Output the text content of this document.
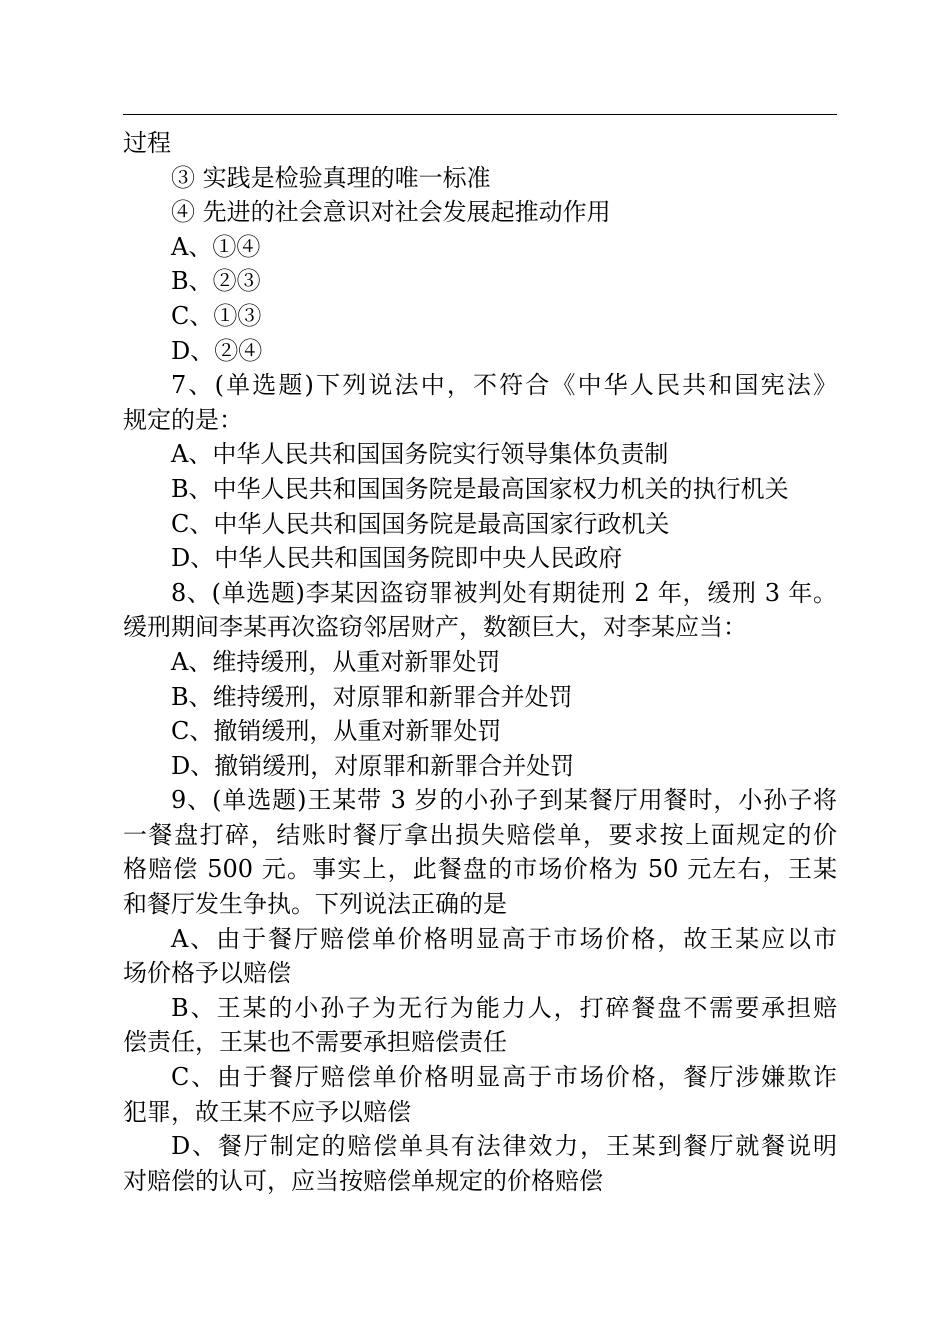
过程
③ 实践是检验真理的唯一标准
④ 先进的社会意识对社会发展起推动作用
A、①④
B、②③
C、①③
D、②④
7、(单选题)下列说法中，不符合《中华人民共和国宪法》
规定的是：
A、中华人民共和国国务院实行领导集体负责制
B、中华人民共和国国务院是最高国家权力机关的执行机关
C、中华人民共和国国务院是最高国家行政机关
D、中华人民共和国国务院即中央人民政府
8、(单选题)李某因盗窃罪被判处有期徒刑 2 年，缓刑 3 年。
缓刑期间李某再次盗窃邻居财产，数额巨大，对李某应当：
A、维持缓刑，从重对新罪处罚
B、维持缓刑，对原罪和新罪合并处罚
C、撤销缓刑，从重对新罪处罚
D、撤销缓刑，对原罪和新罪合并处罚
9、(单选题)王某带 3 岁的小孙子到某餐厅用餐时，小孙子将
一餐盘打碎，结账时餐厅拿出损失赔偿单，要求按上面规定的价
格赔偿 500 元。事实上，此餐盘的市场价格为 50 元左右，王某
和餐厅发生争执。下列说法正确的是
A、由于餐厅赔偿单价格明显高于市场价格，故王某应以市
场价格予以赔偿
B、王某的小孙子为无行为能力人，打碎餐盘不需要承担赔
偿责任，王某也不需要承担赔偿责任
C、由于餐厅赔偿单价格明显高于市场价格，餐厅涉嫌欺诈
犯罪，故王某不应予以赔偿
D、餐厅制定的赔偿单具有法律效力，王某到餐厅就餐说明
对赔偿的认可，应当按赔偿单规定的价格赔偿
